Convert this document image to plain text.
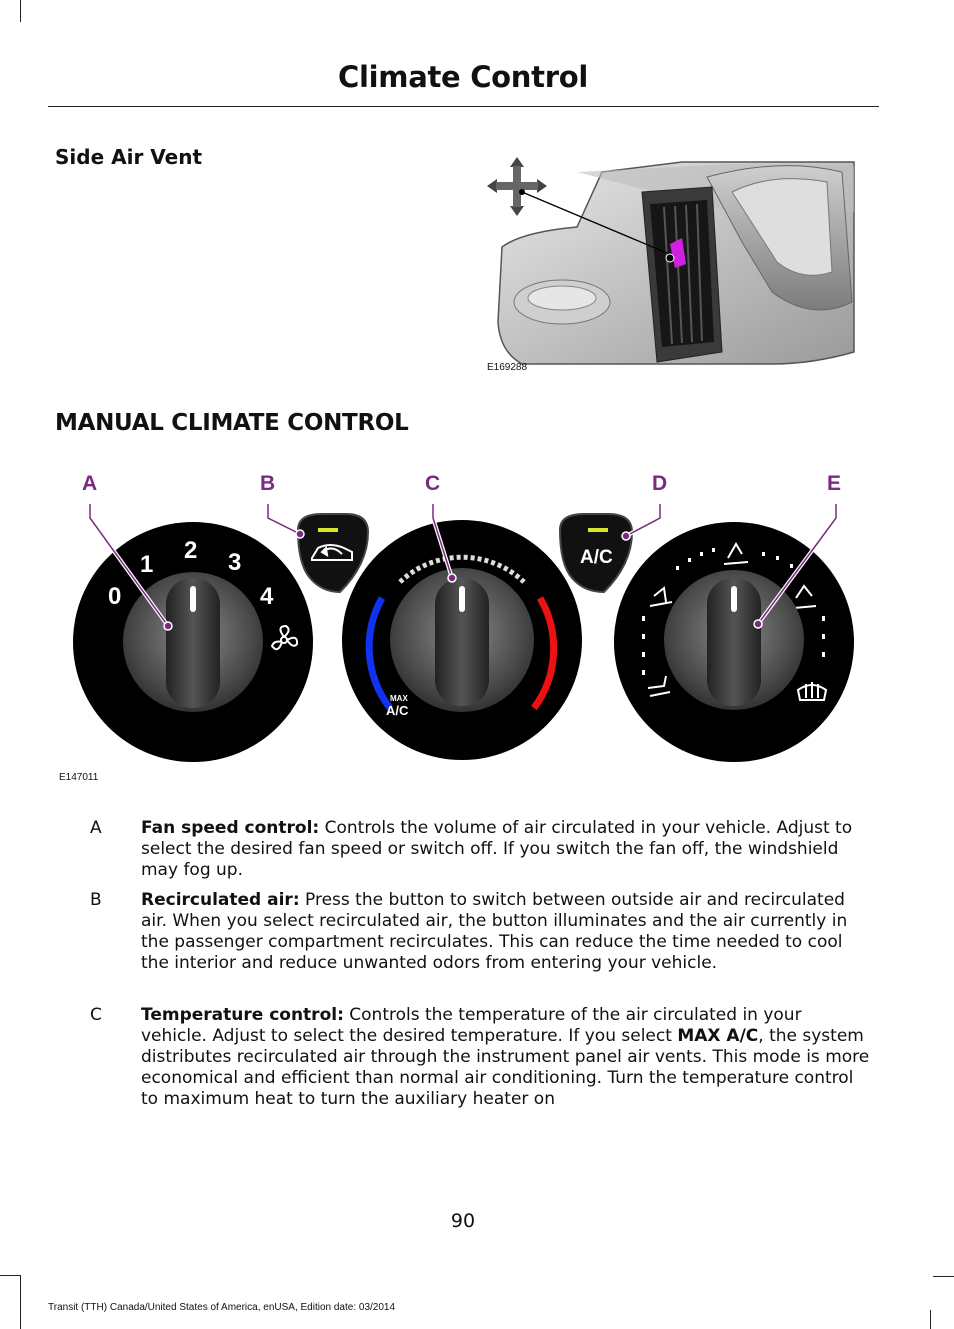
Climate Control
Side Air Vent
E169288
MANUAL CLIMATE CONTROL
A	B	C	D	E
0
1
2 3
4
MAX
A/C
A/C
E147011
A	Fan speed control: Controls the volume of air circulated in your vehicle. Adjust to select the desired fan speed or switch off. If you switch the fan off, the windshield may fog up.
B	Recirculated air: Press the button to switch between outside air and recirculated air. When you select recirculated air, the button illuminates and the air currently in the passenger compartment recirculates. This can reduce the time needed to cool the interior and reduce unwanted odors from entering your vehicle.
C	Temperature control: Controls the temperature of the air circulated in your vehicle. Adjust to select the desired temperature. If you select MAX A/C, the system distributes recirculated air through the instrument panel air vents. This mode is more economical and efficient than normal air conditioning. Turn the temperature control to maximum heat to turn the auxiliary heater on
90
Transit (TTH) Canada/United States of America, enUSA, Edition date: 03/2014
